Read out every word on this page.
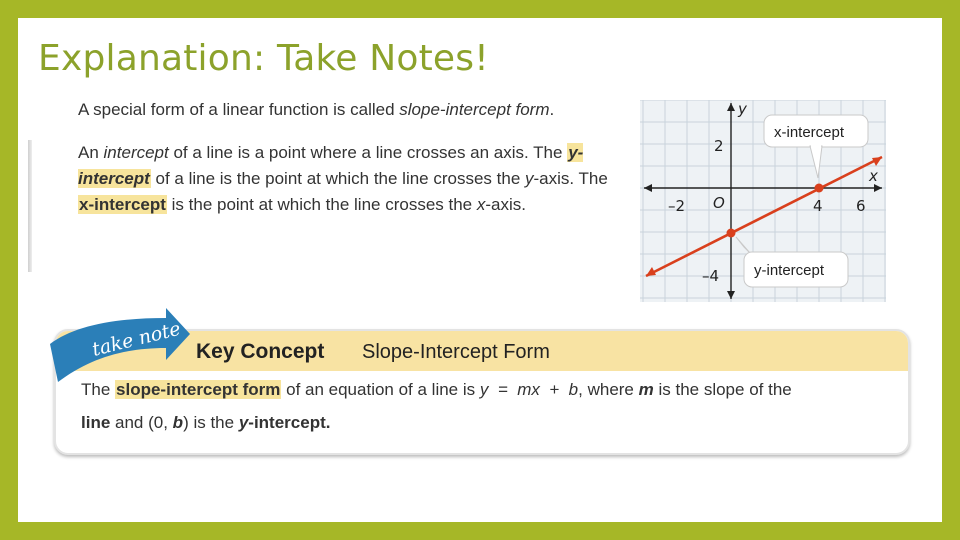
Explanation: Take Notes!
A special form of a linear function is called slope-intercept form.
An intercept of a line is a point where a line crosses an axis. The y-intercept of a line is the point at which the line crosses the y-axis. The x-intercept is the point at which the line crosses the x-axis.
y
x
O
–2	4 6
2
–4
x-intercept
y-intercept
Key Concept Slope-Intercept Form
The slope-intercept form of an equation of a line is y  =  mx  +  b, where m is the slope of the
line and (0, b) is the y-intercept.
take note
